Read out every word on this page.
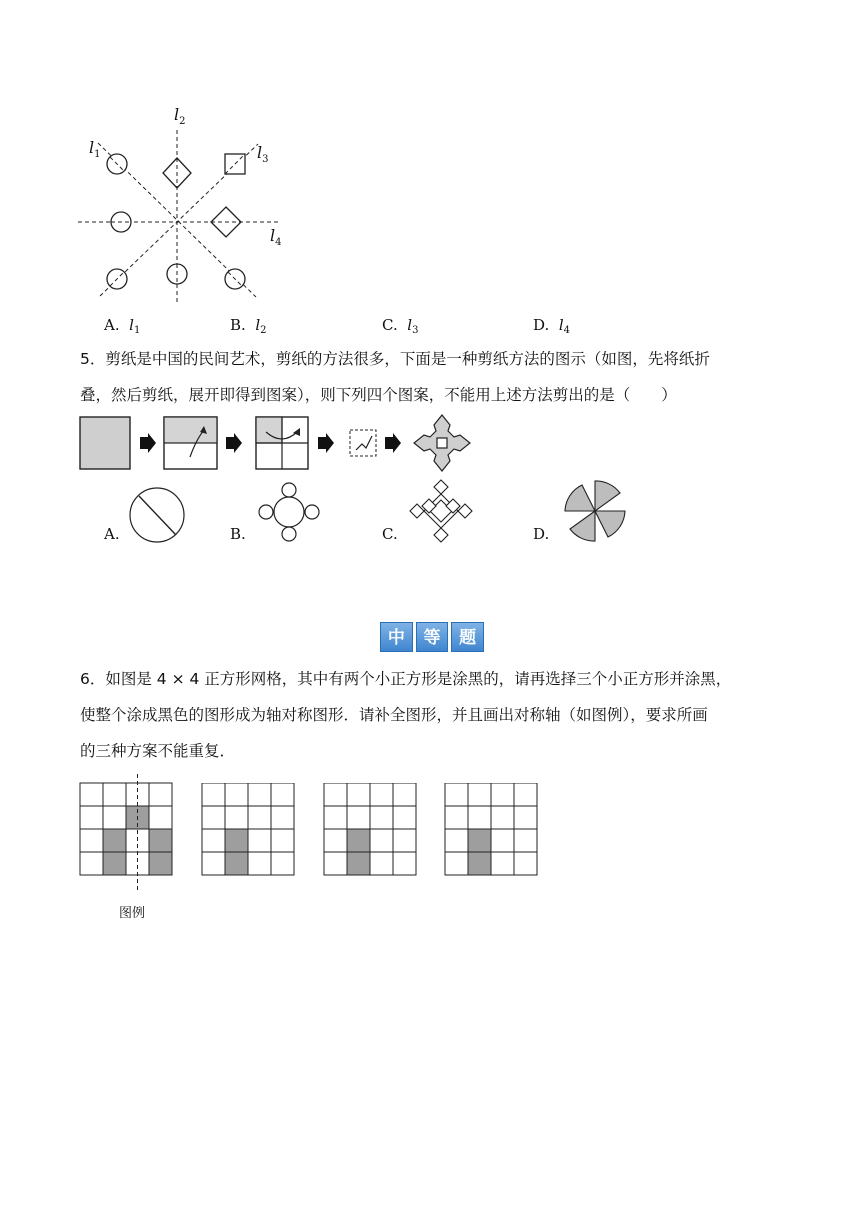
$l_2$
$l_1$	$l_3$
$l_4$
A. $l_1$	B. $l_2$	C. $l_3$	D. $l_4$
5．剪纸是中国的民间艺术，剪纸的方法很多，下面是一种剪纸方法的图示（如图，先将纸折
叠，然后剪纸，展开即得到图案），则下列四个图案，不能用上述方法剪出的是（　　）
A.	B.	C.	D.
中	等	题
6．如图是 4 × 4 正方形网格，其中有两个小正方形是涂黑的，请再选择三个小正方形并涂黑，
使整个涂成黑色的图形成为轴对称图形．请补全图形，并且画出对称轴（如图例），要求所画
的三种方案不能重复．
图例
